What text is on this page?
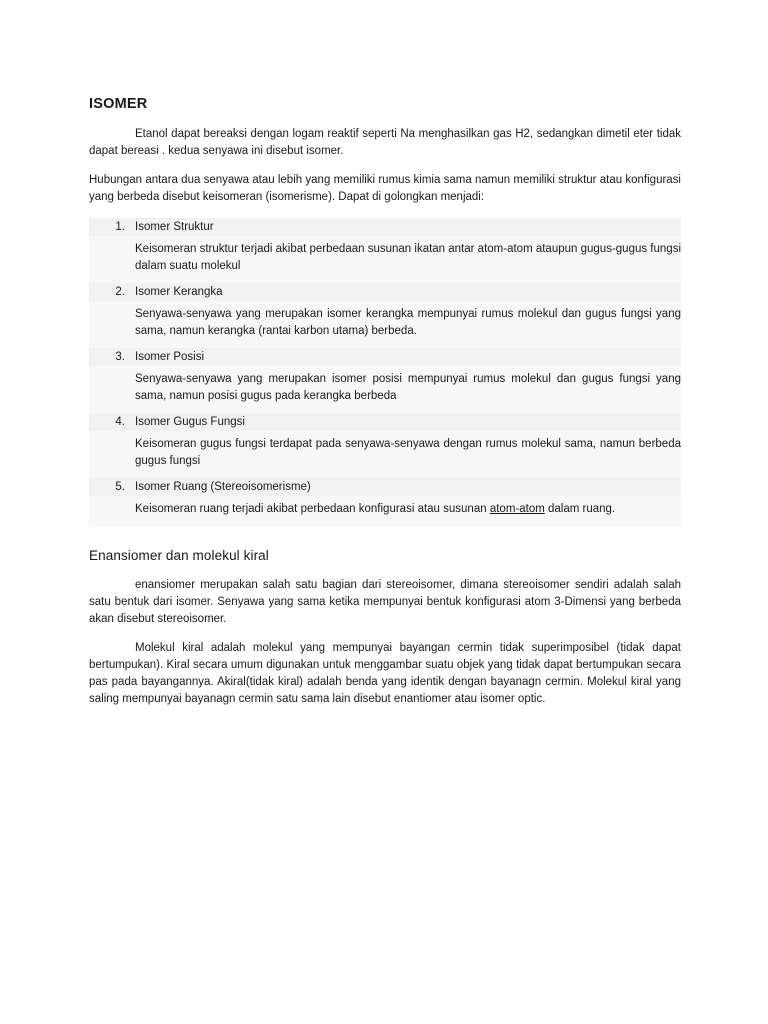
ISOMER

Etanol dapat bereaksi dengan logam reaktif seperti Na menghasilkan gas H2, sedangkan dimetil eter tidak dapat bereasi . kedua senyawa ini disebut isomer.

Hubungan antara dua senyawa atau lebih yang memiliki rumus kimia sama namun memiliki struktur atau konfigurasi yang berbeda disebut keisomeran (isomerisme). Dapat di golongkan menjadi:

1. Isomer Struktur
Keisomeran struktur terjadi akibat perbedaan susunan ikatan antar atom-atom ataupun gugus-gugus fungsi dalam suatu molekul
2. Isomer Kerangka
Senyawa-senyawa yang merupakan isomer kerangka mempunyai rumus molekul dan gugus fungsi yang sama, namun kerangka (rantai karbon utama) berbeda.
3. Isomer Posisi
Senyawa-senyawa yang merupakan isomer posisi mempunyai rumus molekul dan gugus fungsi yang sama, namun posisi gugus pada kerangka berbeda
4. Isomer Gugus Fungsi
Keisomeran gugus fungsi terdapat pada senyawa-senyawa dengan rumus molekul sama, namun berbeda gugus fungsi
5. Isomer Ruang (Stereoisomerisme)
Keisomeran ruang terjadi akibat perbedaan konfigurasi atau susunan atom-atom dalam ruang.
Enansiomer dan molekul kiral

enansiomer merupakan salah satu bagian dari stereoisomer, dimana stereoisomer sendiri adalah salah satu bentuk dari isomer. Senyawa yang sama ketika mempunyai bentuk konfigurasi atom 3-Dimensi yang berbeda akan disebut stereoisomer.

Molekul kiral adalah molekul yang mempunyai bayangan cermin tidak superimposibel (tidak dapat bertumpukan). Kiral secara umum digunakan untuk menggambar suatu objek yang tidak dapat bertumpukan secara pas pada bayangannya. Akiral(tidak kiral) adalah benda yang identik dengan bayanagn cermin. Molekul kiral yang saling mempunyai bayanagn cermin satu sama lain disebut enantiomer atau isomer optic.
